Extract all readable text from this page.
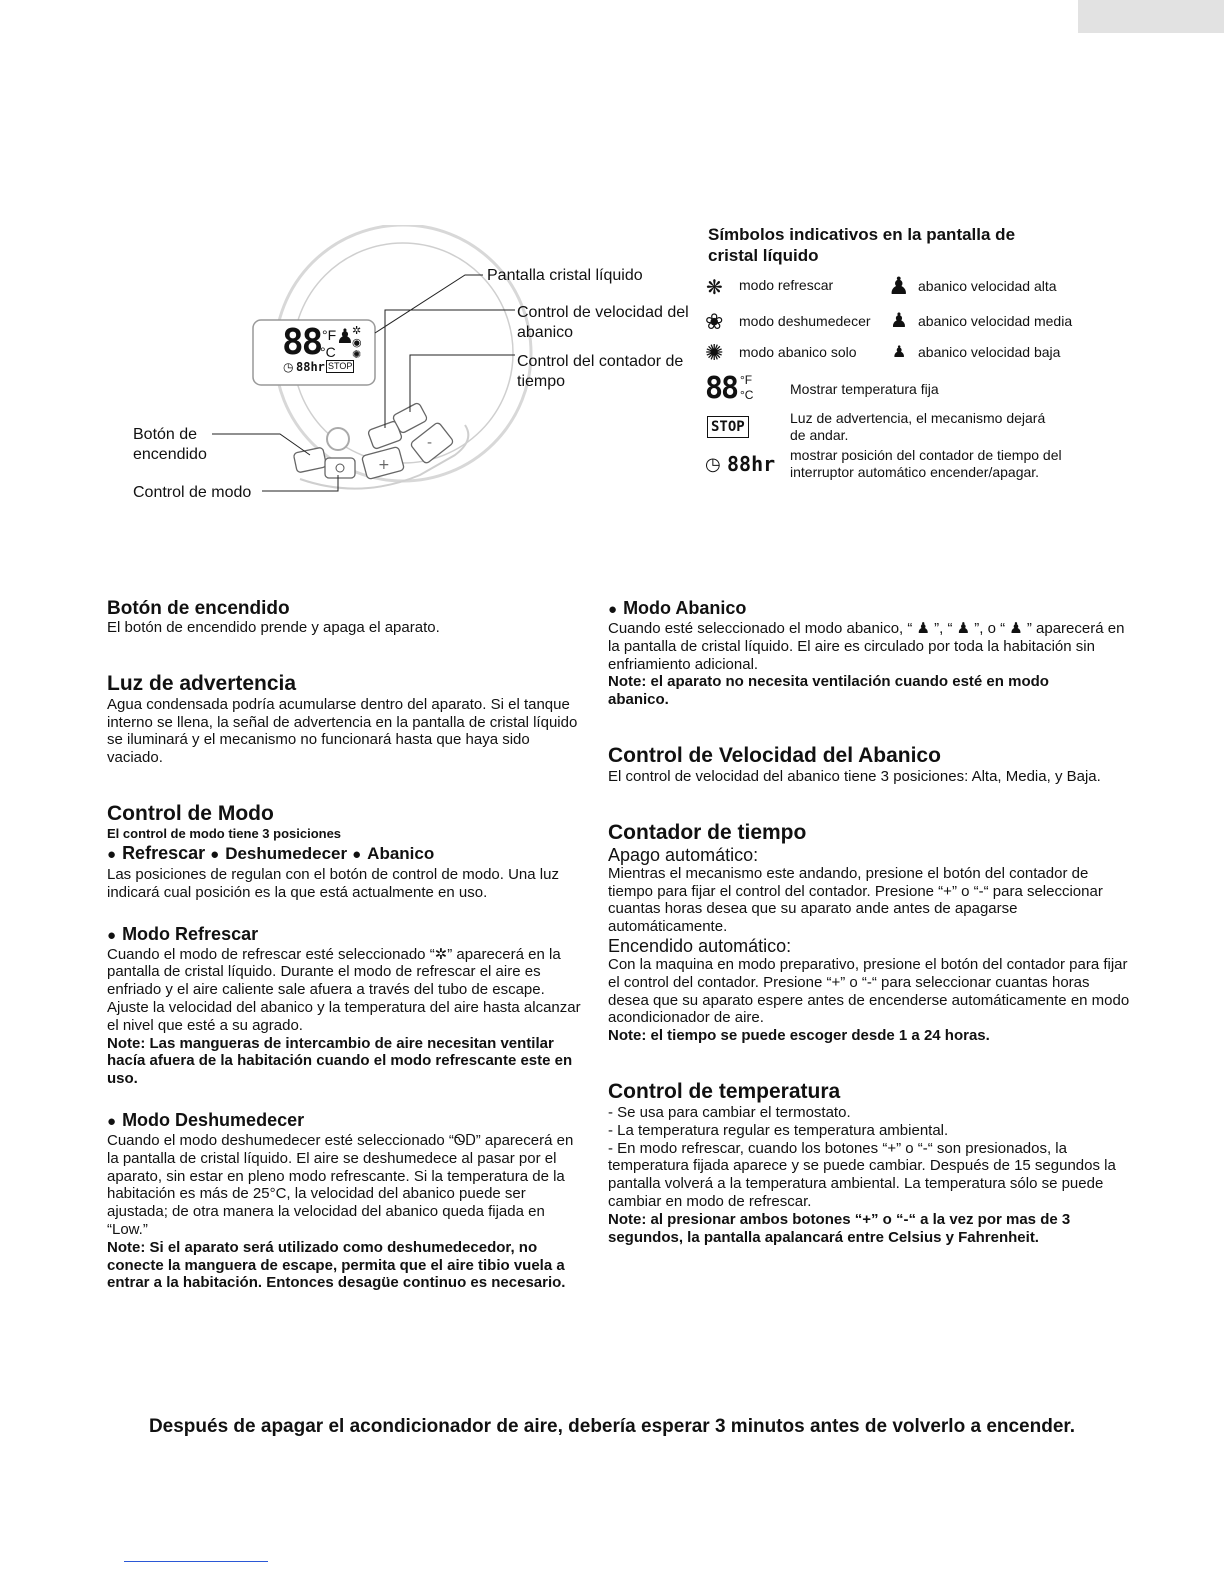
+
-
88 °F
°C
♟
✲
◉
✺
◷ 88hr STOP
Pantalla cristal líquido
Control de velocidad del abanico
Control del contador de tiempo
Botón de encendido
Control de modo
Símbolos indicativos en la pantalla de cristal líquido
❋ modo refrescar
❀ modo deshumedecer
✺ modo abanico solo
♟ abanico velocidad alta
♟ abanico velocidad media
♟ abanico velocidad baja
88 °F
°C	Mostrar temperatura fija
STOP
Luz de advertencia, el mecanismo dejará de andar.
◷ 88hr mostrar posición del contador de tiempo del interruptor automático encender/apagar.
Botón de encendido

El botón de encendido prende y apaga el aparato.

Luz de advertencia

Agua condensada podría acumularse dentro del aparato. Si el tanque interno se llena, la señal de advertencia en la pantalla de cristal líquido se iluminará y el mecanismo no funcionará hasta que haya sido vaciado.

Control de Modo
El control de modo tiene 3 posiciones
● Refrescar ● Deshumedecer ● Abanico

Las posiciones de regulan con el botón de control de modo. Una luz indicará cual posición es la que está actualmente en uso.

● Modo Refrescar

Cuando el modo de refrescar esté seleccionado “✲” aparecerá en la pantalla de cristal líquido. Durante el modo de refrescar el aire es enfriado y el aire caliente sale afuera a través del tubo de escape. Ajuste la velocidad del abanico y la temperatura del aire hasta alcanzar el nivel que esté a su agrado.

Note: Las mangueras de intercambio de aire necesitan ventilar hacía afuera de la habitación cuando el modo refrescante este en uso.

● Modo Deshumedecer

Cuando el modo deshumedecer esté seleccionado “ᏫᎠ” aparecerá en la pantalla de cristal líquido. El aire se deshumedece al pasar por el aparato, sin estar en pleno modo refrescante. Si la temperatura de la habitación es más de 25°C, la velocidad del abanico puede ser ajustada; de otra manera la velocidad del abanico queda fijada en “Low.”

Note: Si el aparato será utilizado como deshumedecedor, no conecte la manguera de escape, permita que el aire tibio vuela a entrar a la habitación. Entonces desagüe continuo es necesario.

● Modo Abanico

Cuando esté seleccionado el modo abanico, “ ♟ ”, “ ♟ ”, o “ ♟ ” aparecerá en la pantalla de cristal líquido. El aire es circulado por toda la habitación sin enfriamiento adicional.

Note: el aparato no necesita ventilación cuando esté en modo abanico.

Control de Velocidad del Abanico

El control de velocidad del abanico tiene 3 posiciones: Alta, Media, y Baja.

Contador de tiempo
Apago automático:

Mientras el mecanismo este andando, presione el botón del contador de tiempo para fijar el control del contador. Presione “+” o “-“ para seleccionar cuantas horas desea que su aparato ande antes de apagarse automáticamente.

Encendido automático:

Con la maquina en modo preparativo, presione el botón del contador para fijar el control del contador. Presione “+” o “-“ para seleccionar cuantas horas desea que su aparato espere antes de encenderse automáticamente en modo acondicionador de aire.

Note: el tiempo se puede escoger desde 1 a 24 horas.

Control de temperatura

- Se usa para cambiar el termostato.

- La temperatura regular es temperatura ambiental.

- En modo refrescar, cuando los botones “+” o “-“ son presionados, la temperatura fijada aparece y se puede cambiar. Después de 15 segundos la pantalla volverá a la temperatura ambiental. La temperatura sólo se puede cambiar en modo de refrescar.

Note: al presionar ambos botones “+” o “-“ a la vez por mas de 3 segundos, la pantalla apalancará entre Celsius y Fahrenheit.

Después de apagar el acondicionador de aire, debería esperar 3 minutos antes de volverlo a encender.
